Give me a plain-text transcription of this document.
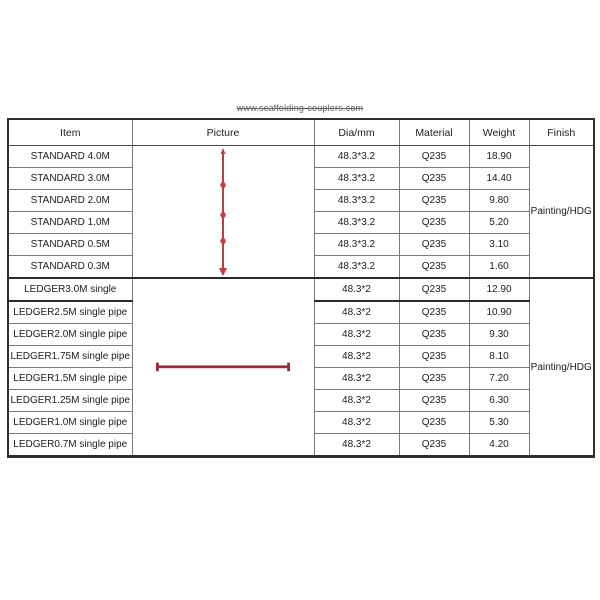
www.scaffolding-couplers.com
Item	Picture	Dia/mm	Material	Weight	Finish
STANDARD 4.0M		48.3*3.2	Q235	18.90	Painting/HDG
STANDARD 3.0M		48.3*3.2	Q235	14.40	
STANDARD 2.0M		48.3*3.2	Q235	9.80	
STANDARD 1.0M		48.3*3.2	Q235	5.20	
STANDARD 0.5M		48.3*3.2	Q235	3.10	
STANDARD 0.3M		48.3*3.2	Q235	1.60	
LEDGER3.0M single		48.3*2	Q235	12.90	Painting/HDG
LEDGER2.5M single pipe		48.3*2	Q235	10.90	
LEDGER2.0M single pipe		48.3*2	Q235	9.30	
LEDGER1.75M single pipe		48.3*2	Q235	8.10	
LEDGER1.5M single pipe		48.3*2	Q235	7.20	
LEDGER1.25M single pipe		48.3*2	Q235	6.30	
LEDGER1.0M single pipe		48.3*2	Q235	5.30	
LEDGER0.7M single pipe		48.3*2	Q235	4.20	
